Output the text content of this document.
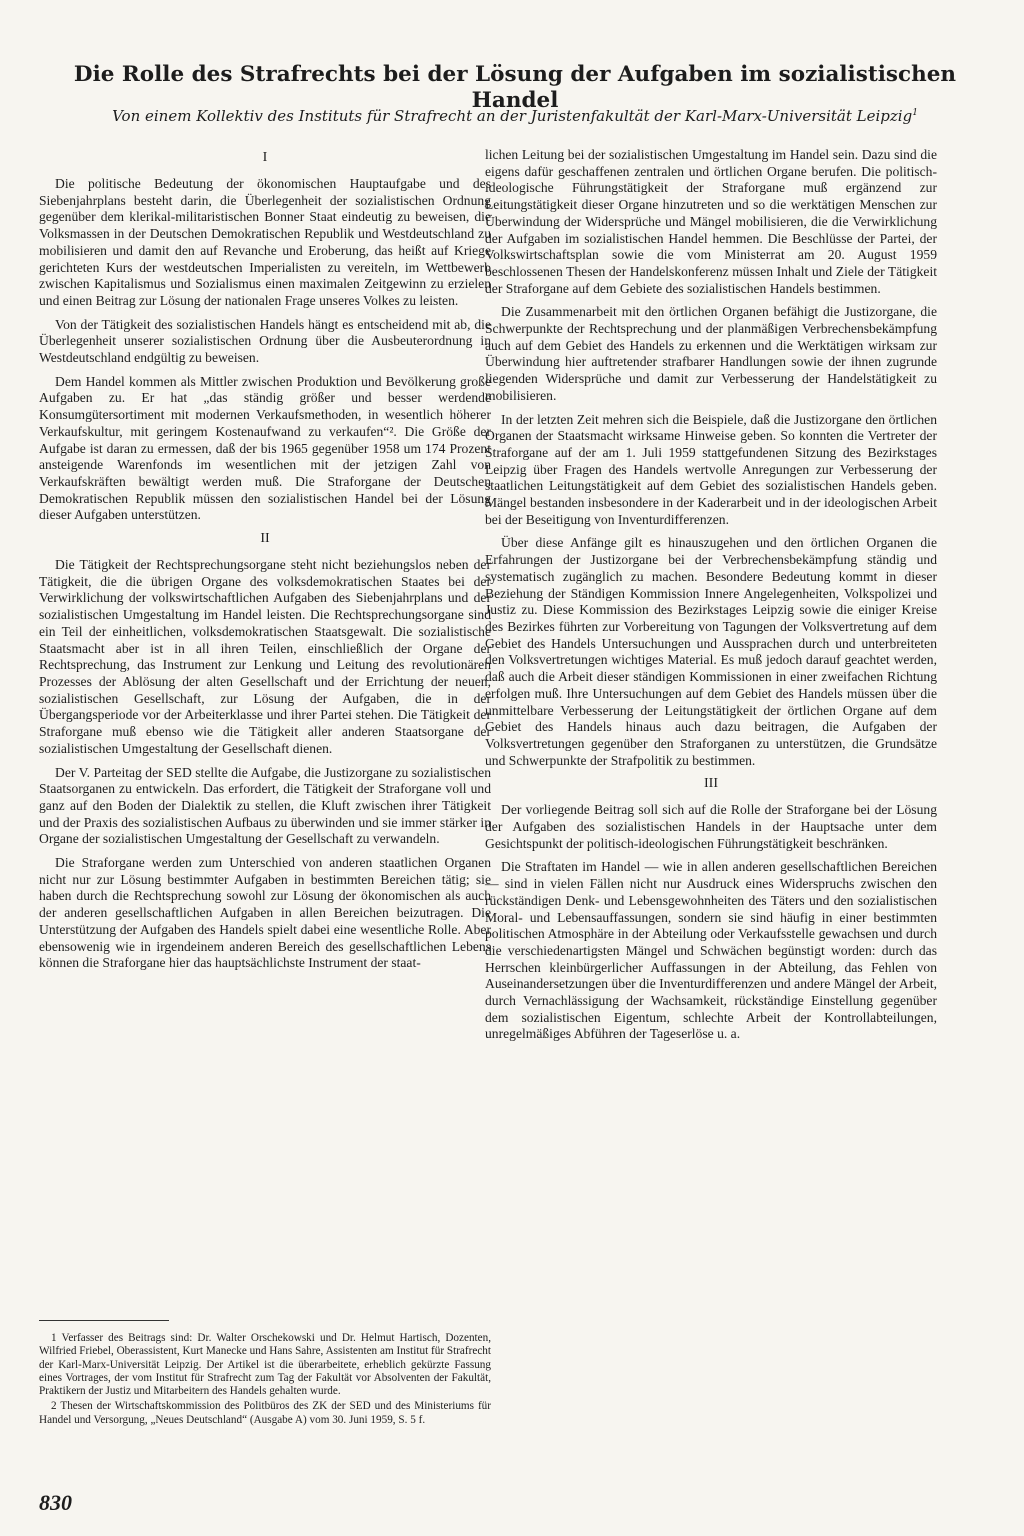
Die Rolle des Strafrechts bei der Lösung der Aufgaben im sozialistischen Handel
Von einem Kollektiv des Instituts für Strafrecht an der Juristenfakultät der Karl-Marx-Universität Leipzig$^1$
I

Die politische Bedeutung der ökonomischen Hauptaufgabe und des Siebenjahrplans besteht darin, die Überlegenheit der sozialistischen Ordnung gegenüber dem klerikal-militaristischen Bonner Staat eindeutig zu beweisen, die Volksmassen in der Deutschen Demokratischen Republik und Westdeutschland zu mobilisieren und damit den auf Revanche und Eroberung, das heißt auf Kriege gerichteten Kurs der westdeutschen Imperialisten zu vereiteln, im Wettbewerb zwischen Kapitalismus und Sozialismus einen maximalen Zeitgewinn zu erzielen und einen Beitrag zur Lösung der nationalen Frage unseres Volkes zu leisten.

Von der Tätigkeit des sozialistischen Handels hängt es entscheidend mit ab, die Überlegenheit unserer sozialistischen Ordnung über die Ausbeuterordnung in Westdeutschland endgültig zu beweisen.

Dem Handel kommen als Mittler zwischen Produktion und Bevölkerung große Aufgaben zu. Er hat „das ständig größer und besser werdende Konsumgütersortiment mit modernen Verkaufsmethoden, in wesentlich höherer Verkaufskultur, mit geringem Kostenaufwand zu verkaufen“². Die Größe der Aufgabe ist daran zu ermessen, daß der bis 1965 gegenüber 1958 um 174 Prozent ansteigende Warenfonds im wesentlichen mit der jetzigen Zahl von Verkaufskräften bewältigt werden muß. Die Straforgane der Deutschen Demokratischen Republik müssen den sozialistischen Handel bei der Lösung dieser Aufgaben unterstützen.

II

Die Tätigkeit der Rechtsprechungsorgane steht nicht beziehungslos neben der Tätigkeit, die die übrigen Organe des volksdemokratischen Staates bei der Verwirklichung der volkswirtschaftlichen Aufgaben des Siebenjahrplans und der sozialistischen Umgestaltung im Handel leisten. Die Rechtsprechungsorgane sind ein Teil der einheitlichen, volksdemokratischen Staatsgewalt. Die sozialistische Staatsmacht aber ist in all ihren Teilen, einschließlich der Organe der Rechtsprechung, das Instrument zur Lenkung und Leitung des revolutionären Prozesses der Ablösung der alten Gesellschaft und der Errichtung der neuen, sozialistischen Gesellschaft, zur Lösung der Aufgaben, die in der Übergangsperiode vor der Arbeiterklasse und ihrer Partei stehen. Die Tätigkeit der Straforgane muß ebenso wie die Tätigkeit aller anderen Staatsorgane der sozialistischen Umgestaltung der Gesellschaft dienen.

Der V. Parteitag der SED stellte die Aufgabe, die Justizorgane zu sozialistischen Staatsorganen zu entwickeln. Das erfordert, die Tätigkeit der Straforgane voll und ganz auf den Boden der Dialektik zu stellen, die Kluft zwischen ihrer Tätigkeit und der Praxis des sozialistischen Aufbaus zu überwinden und sie immer stärker in Organe der sozialistischen Umgestaltung der Gesellschaft zu verwandeln.

Die Straforgane werden zum Unterschied von anderen staatlichen Organen nicht nur zur Lösung bestimmter Aufgaben in bestimmten Bereichen tätig; sie haben durch die Rechtsprechung sowohl zur Lösung der ökonomischen als auch der anderen gesellschaftlichen Aufgaben in allen Bereichen beizutragen. Die Unterstützung der Aufgaben des Handels spielt dabei eine wesentliche Rolle. Aber ebensowenig wie in irgendeinem anderen Bereich des gesellschaftlichen Lebens können die Straforgane hier das hauptsächlichste Instrument der staat-

lichen Leitung bei der sozialistischen Umgestaltung im Handel sein. Dazu sind die eigens dafür geschaffenen zentralen und örtlichen Organe berufen. Die politisch-ideologische Führungstätigkeit der Straforgane muß ergänzend zur Leitungstätigkeit dieser Organe hinzutreten und so die werktätigen Menschen zur Überwindung der Widersprüche und Mängel mobilisieren, die die Verwirklichung der Aufgaben im sozialistischen Handel hemmen. Die Beschlüsse der Partei, der Volkswirtschaftsplan sowie die vom Ministerrat am 20. August 1959 beschlossenen Thesen der Handelskonferenz müssen Inhalt und Ziele der Tätigkeit der Straforgane auf dem Gebiete des sozialistischen Handels bestimmen.

Die Zusammenarbeit mit den örtlichen Organen befähigt die Justizorgane, die Schwerpunkte der Rechtsprechung und der planmäßigen Verbrechensbekämpfung auch auf dem Gebiet des Handels zu erkennen und die Werktätigen wirksam zur Überwindung hier auftretender strafbarer Handlungen sowie der ihnen zugrunde liegenden Widersprüche und damit zur Verbesserung der Handelstätigkeit zu mobilisieren.

In der letzten Zeit mehren sich die Beispiele, daß die Justizorgane den örtlichen Organen der Staatsmacht wirksame Hinweise geben. So konnten die Vertreter der Straforgane auf der am 1. Juli 1959 stattgefundenen Sitzung des Bezirkstages Leipzig über Fragen des Handels wertvolle Anregungen zur Verbesserung der staatlichen Leitungstätigkeit auf dem Gebiet des sozialistischen Handels geben. Mängel bestanden insbesondere in der Kaderarbeit und in der ideologischen Arbeit bei der Beseitigung von Inventurdifferenzen.

Über diese Anfänge gilt es hinauszugehen und den örtlichen Organen die Erfahrungen der Justizorgane bei der Verbrechensbekämpfung ständig und systematisch zugänglich zu machen. Besondere Bedeutung kommt in dieser Beziehung der Ständigen Kommission Innere Angelegenheiten, Volkspolizei und Justiz zu. Diese Kommission des Bezirkstages Leipzig sowie die einiger Kreise des Bezirkes führten zur Vorbereitung von Tagungen der Volksvertretung auf dem Gebiet des Handels Untersuchungen und Aussprachen durch und unterbreiteten den Volksvertretungen wichtiges Material. Es muß jedoch darauf geachtet werden, daß auch die Arbeit dieser ständigen Kommissionen in einer zweifachen Richtung erfolgen muß. Ihre Untersuchungen auf dem Gebiet des Handels müssen über die unmittelbare Verbesserung der Leitungstätigkeit der örtlichen Organe auf dem Gebiet des Handels hinaus auch dazu beitragen, die Aufgaben der Volksvertretungen gegenüber den Straforganen zu unterstützen, die Grundsätze und Schwerpunkte der Strafpolitik zu bestimmen.

III

Der vorliegende Beitrag soll sich auf die Rolle der Straforgane bei der Lösung der Aufgaben des sozialistischen Handels in der Hauptsache unter dem Gesichtspunkt der politisch-ideologischen Führungstätigkeit beschränken.

Die Straftaten im Handel — wie in allen anderen gesellschaftlichen Bereichen — sind in vielen Fällen nicht nur Ausdruck eines Widerspruchs zwischen den rückständigen Denk- und Lebensgewohnheiten des Täters und den sozialistischen Moral- und Lebensauffassungen, sondern sie sind häufig in einer bestimmten politischen Atmosphäre in der Abteilung oder Verkaufsstelle gewachsen und durch die verschiedenartigsten Mängel und Schwächen begünstigt worden: durch das Herrschen kleinbürgerlicher Auffassungen in der Abteilung, das Fehlen von Auseinandersetzungen über die Inventurdifferenzen und andere Mängel der Arbeit, durch Vernachlässigung der Wachsamkeit, rückständige Einstellung gegenüber dem sozialistischen Eigentum, schlechte Arbeit der Kontrollabteilungen, unregelmäßiges Abführen der Tageserlöse u. a.

1 Verfasser des Beitrags sind: Dr. Walter Orschekowski und Dr. Helmut Hartisch, Dozenten, Wilfried Friebel, Oberassistent, Kurt Manecke und Hans Sahre, Assistenten am Institut für Strafrecht der Karl-Marx-Universität Leipzig. Der Artikel ist die überarbeitete, erheblich gekürzte Fassung eines Vortrages, der vom Institut für Strafrecht zum Tag der Fakultät vor Absolventen der Fakultät, Praktikern der Justiz und Mitarbeitern des Handels gehalten wurde.

2 Thesen der Wirtschaftskommission des Politbüros des ZK der SED und des Ministeriums für Handel und Versorgung, „Neues Deutschland“ (Ausgabe A) vom 30. Juni 1959, S. 5 f.

830
